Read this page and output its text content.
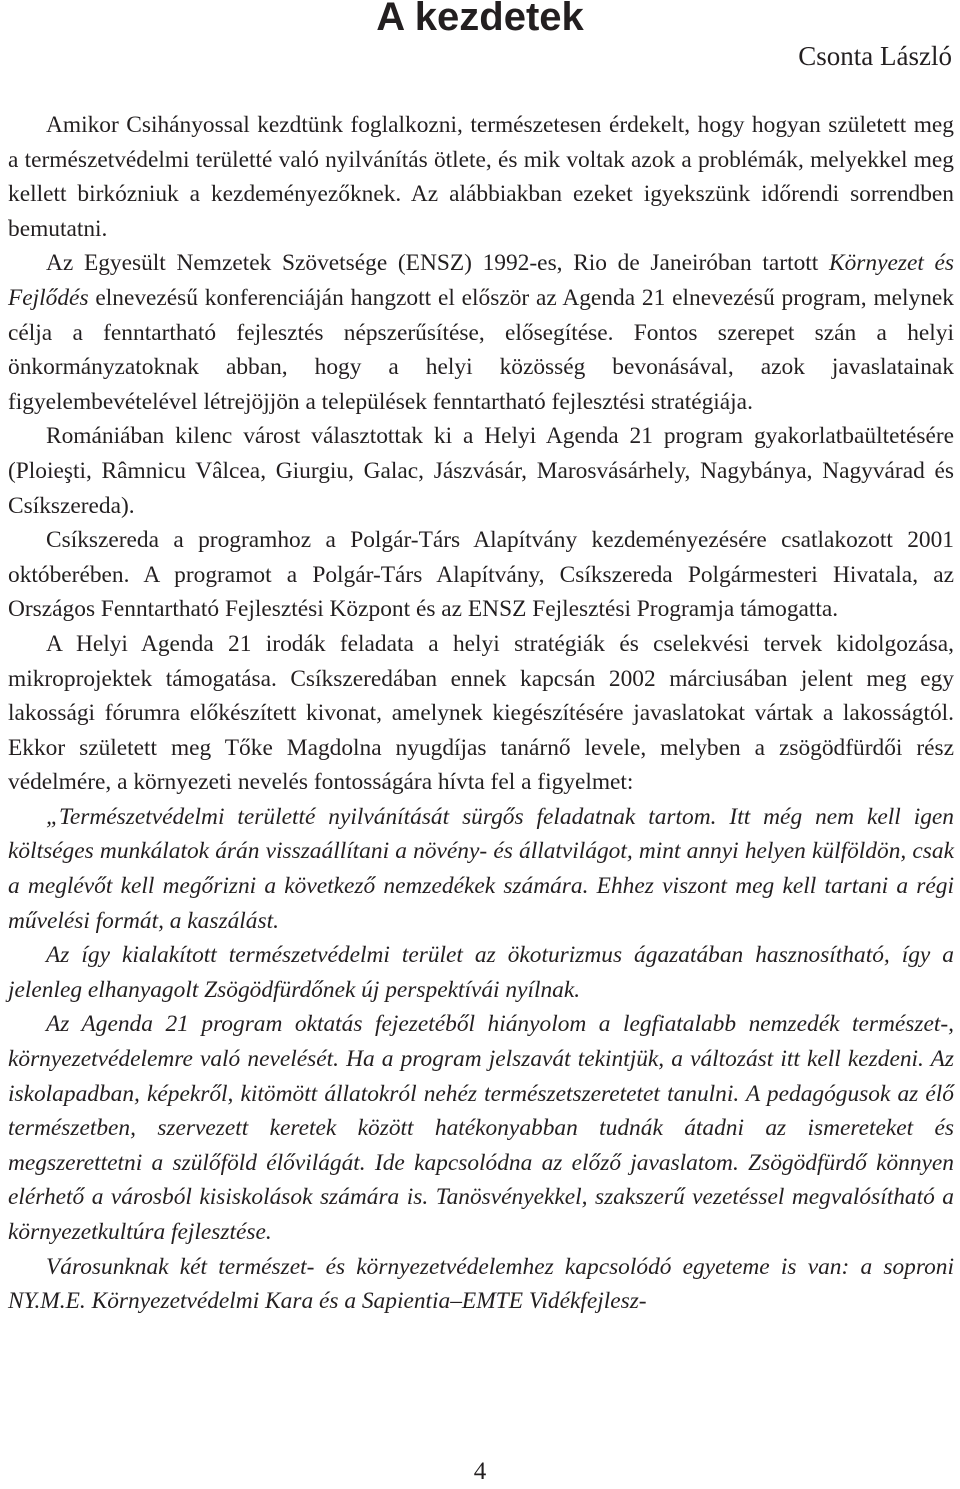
A kezdetek
Csonta László

Amikor Csihányossal kezdtünk foglalkozni, természetesen érdekelt, hogy hogyan született meg a természetvédelmi területté való nyilvánítás ötlete, és mik voltak azok a problémák, melyekkel meg kellett birkózniuk a kezdeményezőknek. Az alábbiakban ezeket igyekszünk időrendi sorrendben bemutatni.

Az Egyesült Nemzetek Szövetsége (ENSZ) 1992-es, Rio de Janeiróban tartott Környezet és Fejlődés elnevezésű konferenciáján hangzott el először az Agenda 21 elnevezésű program, melynek célja a fenntartható fejlesztés népszerűsítése, elősegítése. Fontos szerepet szán a helyi önkormányzatoknak abban, hogy a helyi közösség bevonásával, azok javaslatainak figyelembevételével létrejöjjön a települések fenntartható fejlesztési stratégiája.

Romániában kilenc várost választottak ki a Helyi Agenda 21 program gyakorlatbaültetésére (Ploieşti, Râmnicu Vâlcea, Giurgiu, Galac, Jászvásár, Marosvásárhely, Nagybánya, Nagyvárad és Csíkszereda).

Csíkszereda a programhoz a Polgár-Társ Alapítvány kezdeményezésére csatlakozott 2001 októberében. A programot a Polgár-Társ Alapítvány, Csíkszereda Polgármesteri Hivatala, az Országos Fenntartható Fejlesztési Központ és az ENSZ Fejlesztési Programja támogatta.

A Helyi Agenda 21 irodák feladata a helyi stratégiák és cselekvési tervek kidolgozása, mikroprojektek támogatása. Csíkszeredában ennek kapcsán 2002 márciusában jelent meg egy lakossági fórumra előkészített kivonat, amelynek kiegészítésére javaslatokat vártak a lakosságtól. Ekkor született meg Tőke Magdolna nyugdíjas tanárnő levele, melyben a zsögödfürdői rész védelmére, a környezeti nevelés fontosságára hívta fel a figyelmet:

„Természetvédelmi területté nyilvánítását sürgős feladatnak tartom. Itt még nem kell igen költséges munkálatok árán visszaállítani a növény- és állatvilágot, mint annyi helyen külföldön, csak a meglévőt kell megőrizni a következő nemzedékek számára. Ehhez viszont meg kell tartani a régi művelési formát, a kaszálást.

Az így kialakított természetvédelmi terület az ökoturizmus ágazatában hasznosítható, így a jelenleg elhanyagolt Zsögödfürdőnek új perspektívái nyílnak.

Az Agenda 21 program oktatás fejezetéből hiányolom a legfiatalabb nemzedék természet-, környezetvédelemre való nevelését. Ha a program jelszavát tekintjük, a változást itt kell kezdeni. Az iskolapadban, képekről, kitömött állatokról nehéz természetszeretetet tanulni. A pedagógusok az élő természetben, szervezett keretek között hatékonyabban tudnák átadni az ismereteket és megszerettetni a szülőföld élővilágát. Ide kapcsolódna az előző javaslatom. Zsögödfürdő könnyen elérhető a városból kisiskolások számára is. Tanösvényekkel, szakszerű vezetéssel megvalósítható a környezetkultúra fejlesztése.

Városunknak két természet- és környezetvédelemhez kapcsolódó egyeteme is van: a soproni NY.M.E. Környezetvédelmi Kara és a Sapientia–EMTE Vidékfejlesz-

4
